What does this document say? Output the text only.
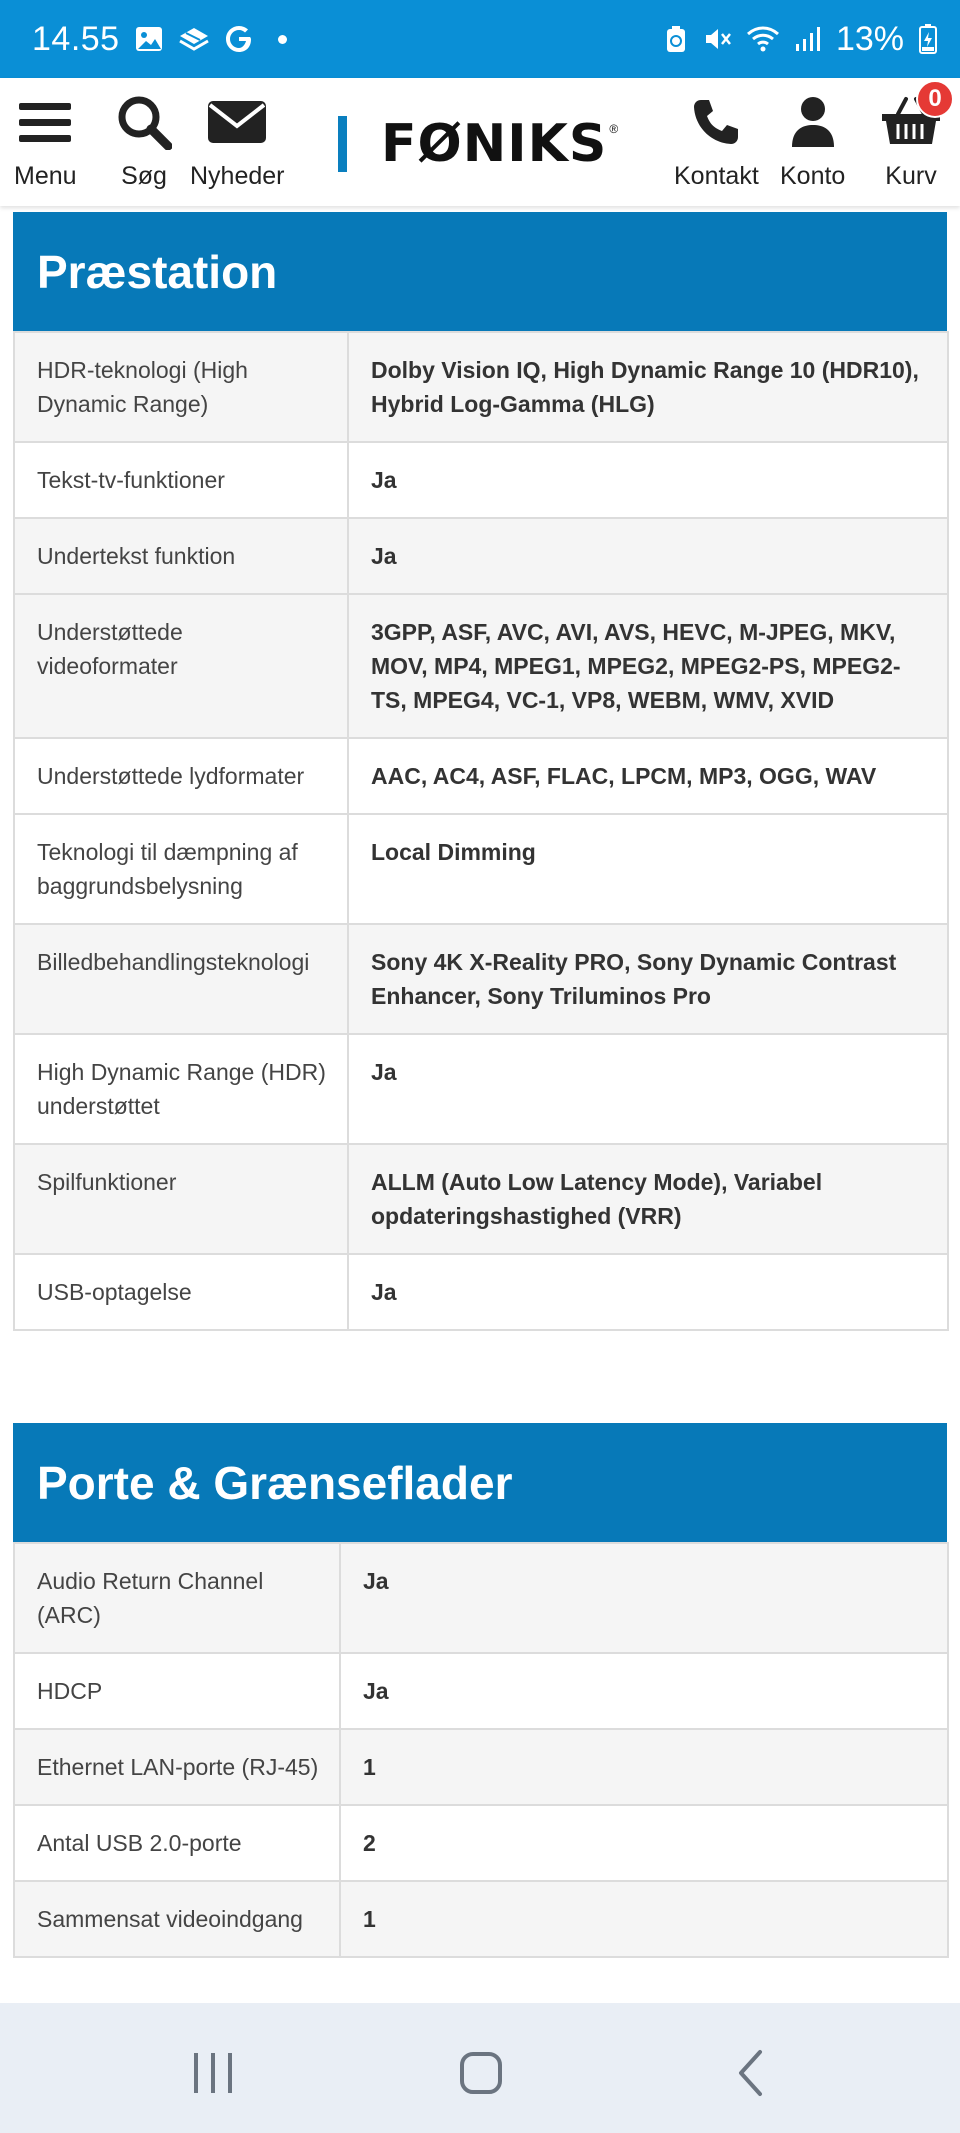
14.55	13%
Menu Søg Nyheder
FØNIKS ®
Kontakt Konto
0
Kurv
Præstation
HDR-teknologi (High Dynamic Range)	Dolby Vision IQ, High Dynamic Range 10 (HDR10), Hybrid Log-Gamma (HLG)
Tekst-tv-funktioner	Ja
Undertekst funktion	Ja
Understøttede videoformater	3GPP, ASF, AVC, AVI, AVS, HEVC, M-JPEG, MKV, MOV, MP4, MPEG1, MPEG2, MPEG2-PS, MPEG2-TS, MPEG4, VC-1, VP8, WEBM, WMV, XVID
Understøttede lydformater	AAC, AC4, ASF, FLAC, LPCM, MP3, OGG, WAV
Teknologi til dæmpning af baggrundsbelysning	Local Dimming
Billedbehandlingsteknologi	Sony 4K X-Reality PRO, Sony Dynamic Contrast Enhancer, Sony Triluminos Pro
High Dynamic Range (HDR) understøttet	Ja
Spilfunktioner	ALLM (Auto Low Latency Mode), Variabel opdateringshastighed (VRR)
USB-optagelse	Ja
Porte & Grænseflader
Audio Return Channel (ARC)	Ja
HDCP	Ja
Ethernet LAN-porte (RJ-45)	1
Antal USB 2.0-porte	2
Sammensat videoindgang	1
